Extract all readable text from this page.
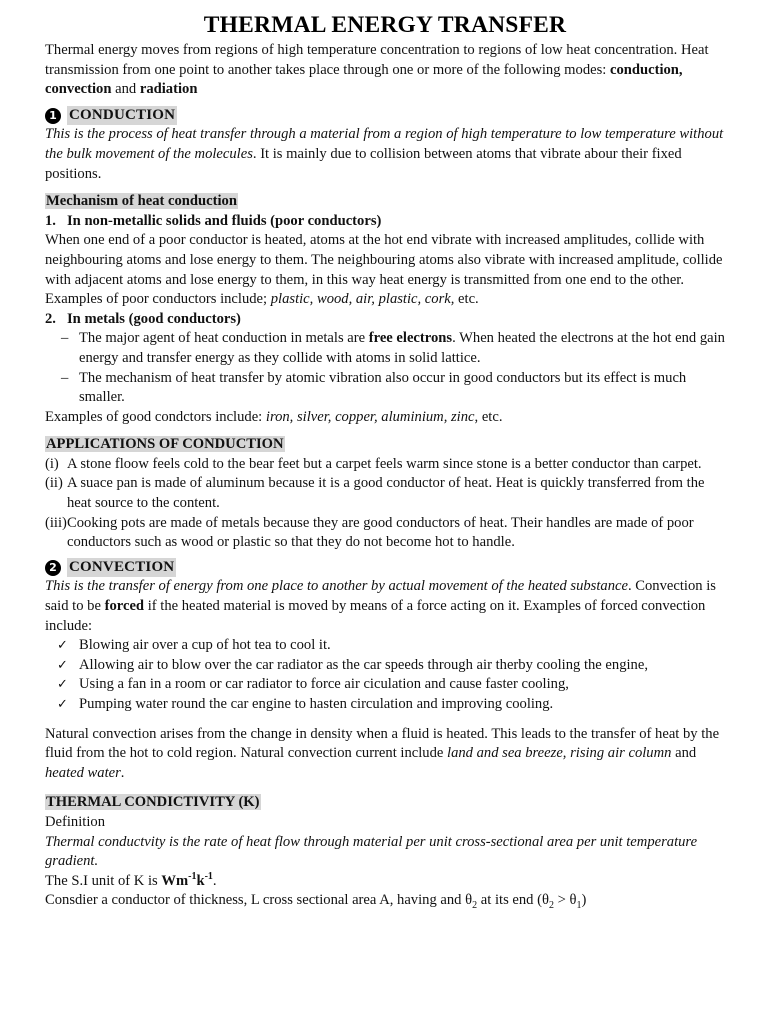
THERMAL ENERGY TRANSFER

Thermal energy moves from regions of high temperature concentration to regions of low heat concentration. Heat transmission from one point to another takes place through one or more of the following modes: conduction,
convection and radiation

1 CONDUCTION

This is the process of heat transfer through a material from a region of high temperature to low temperature without the bulk movement of the molecules. It is mainly due to collision between atoms that vibrate abour their fixed positions.

Mechanism of heat conduction
1. In non-metallic solids and fluids (poor conductors)

When one end of a poor conductor is heated, atoms at the hot end vibrate with increased amplitudes, collide with neighbouring atoms and lose energy to them. The neighbouring atoms also vibrate with increased amplitude, collide with adjacent atoms and lose energy to them, in this way heat energy is transmitted from one end to the other.

Examples of poor conductors include; plastic, wood, air, plastic, cork, etc.

2. In metals (good conductors)
– The major agent of heat conduction in metals are free electrons. When heated the electrons at the hot end gain energy and transfer energy as they collide with atoms in solid lattice.
– The mechanism of heat transfer by atomic vibration also occur in good conductors but its effect is much smaller.

Examples of good condctors include: iron, silver, copper, aluminium, zinc, etc.

APPLICATIONS OF CONDUCTION
(i) A stone floow feels cold to the bear feet but a carpet feels warm since stone is a better conductor than carpet.
(ii) A suace pan is made of aluminum because it is a good conductor of heat. Heat is quickly transferred from the heat source to the content.
(iii) Cooking pots are made of metals because they are good conductors of heat. Their handles are made of poor conductors such as wood or plastic so that they do not become hot to handle.
2 CONVECTION

This is the transfer of energy from one place to another by actual movement of the heated substance. Convection is said to be forced if the heated material is moved by means of a force acting on it. Examples of forced convection include:

✓ Blowing air over a cup of hot tea to cool it.
✓ Allowing air to blow over the car radiator as the car speeds through air therby cooling the engine,
✓ Using a fan in a room or car radiator to force air ciculation and cause faster cooling,
✓ Pumping water round the car engine to hasten circulation and improving cooling.

Natural convection arises from the change in density when a fluid is heated. This leads to the transfer of heat by the fluid from the hot to cold region. Natural convection current include land and sea breeze, rising air column and heated water.

THERMAL CONDICTIVITY (K)

Definition

Thermal conductvity is the rate of heat flow through material per unit cross-sectional area per unit temperature gradient.

The S.I unit of K is $Wm^{-1}k^{-1}$.

Consdier a conductor of thickness, L cross sectional area A, having and $\theta_2$ at its end $(\theta_2 > \theta_1)$
